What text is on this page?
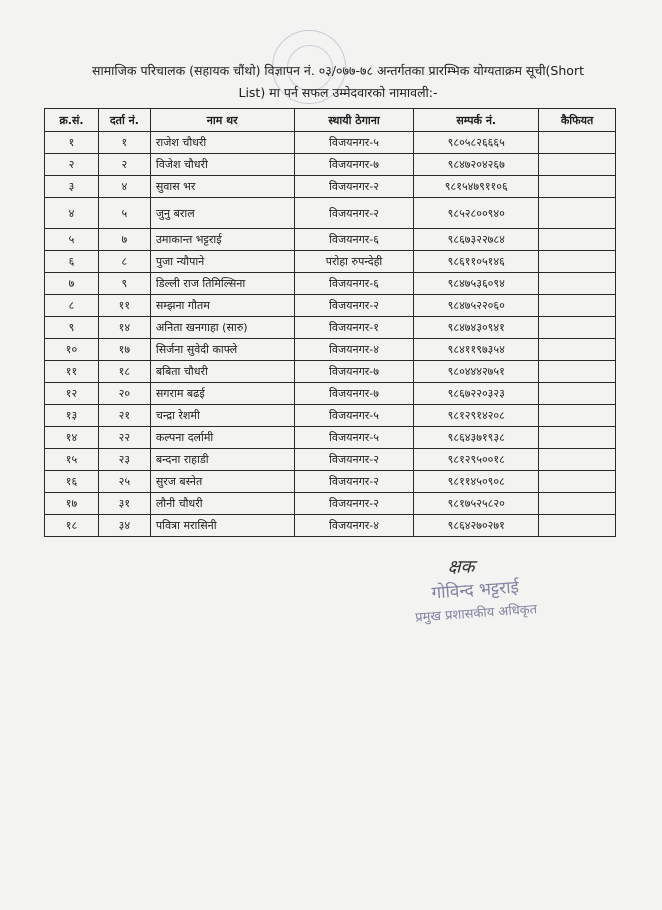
सामाजिक परिचालक (सहायक चौंथो) विज्ञापन नं. ०३/०७७-७८ अन्तर्गतका प्रारम्भिक योग्यताक्रम सूची(Short
List) मा पर्न सफल उम्मेदवारको नामावली:-
क्र.सं.	दर्ता नं.	नाम थर	स्थायी ठेगाना	सम्पर्क नं.	कैफियत
१	१	राजेश चौधरी	विजयनगर-५	९८०५८२६६६५	
२	२	विजेश चौधरी	विजयनगर-७	९८४७२०४२६७	
३	४	सुवास भर	विजयनगर-२	९८१५४७९११०६	
४	५	जुनु बराल	विजयनगर-२	९८५२८००९४०	
५	७	उमाकान्त भट्टराई	विजयनगर-६	९८६७३२२७८४	
६	८	पुजा न्यौपाने	परोहा रुपन्देही	९८६११०५१४६	
७	९	डिल्ली राज तिमिल्सिना	विजयनगर-६	९८४७५३६०९४	
८	११	सम्झना गौतम	विजयनगर-२	९८४७५२२०६०	
९	१४	अनिता खनगाहा (सारु)	विजयनगर-१	९८४७४३०९४१	
१०	१७	सिर्जना सुवेदी काफ्ले	विजयनगर-४	९८४११९७३५४	
११	१८	बबिता चौधरी	विजयनगर-७	९८०४४४२७५१	
१२	२०	सगराम बढई	विजयनगर-७	९८६७२२०३२३	
१३	२१	चन्द्रा रेशमी	विजयनगर-५	९८१२९१४२०८	
१४	२२	कल्पना दर्लामी	विजयनगर-५	९८६४३७१९३८	
१५	२३	बन्दना राहाडी	विजयनगर-२	९८१२९५००१८	
१६	२५	सुरज बस्नेत	विजयनगर-२	९८११४५०९०८	
१७	३१	लौनी चौधरी	विजयनगर-२	९८१७५२५८२०	
१८	३४	पवित्रा मरासिनी	विजयनगर-४	९८६४२७०२७१	
क्षक
गोविन्द भट्टराई
प्रमुख प्रशासकीय अधिकृत
